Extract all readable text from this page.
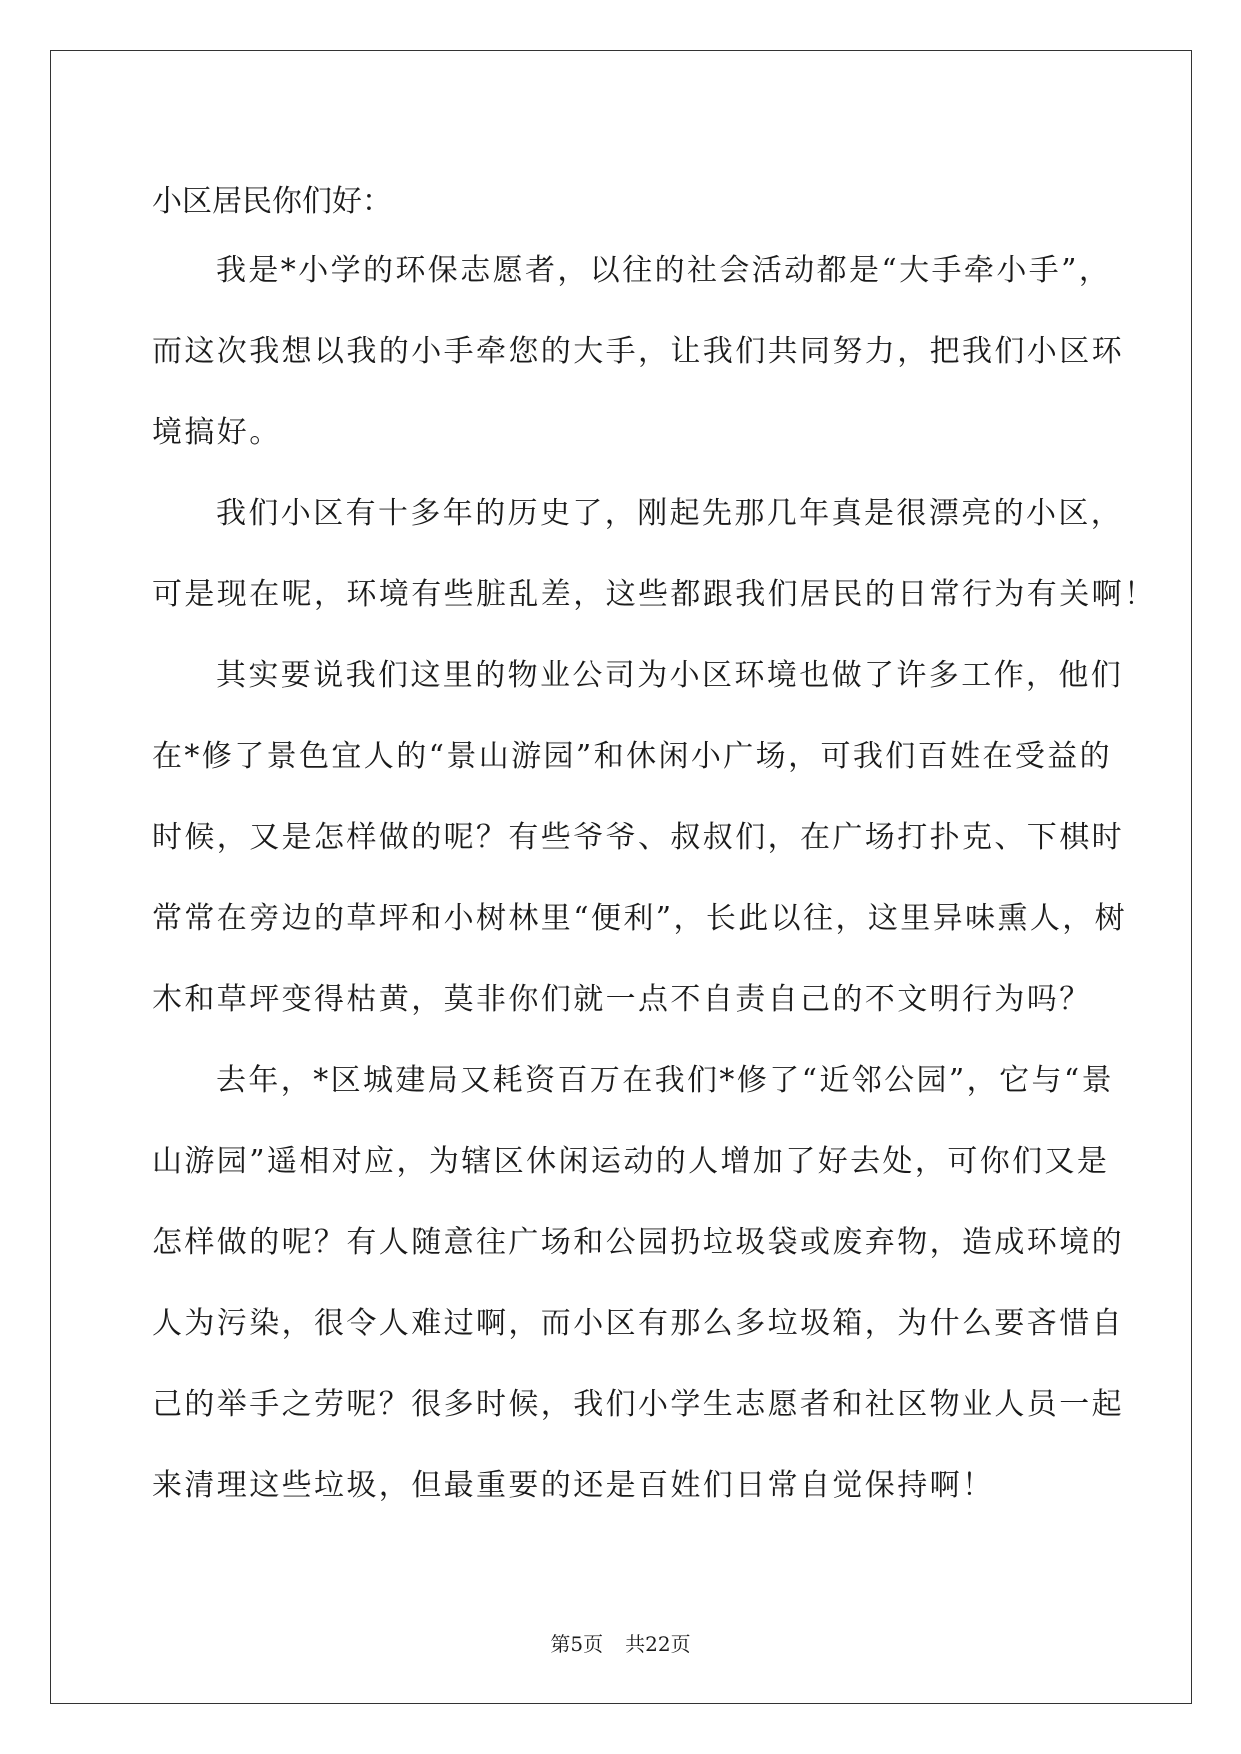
小区居民你们好：

我是*小学的环保志愿者，以往的社会活动都是“大手牵小手”，
而这次我想以我的小手牵您的大手，让我们共同努力，把我们小区环
境搞好。
我们小区有十多年的历史了，刚起先那几年真是很漂亮的小区，
可是现在呢，环境有些脏乱差，这些都跟我们居民的日常行为有关啊！
其实要说我们这里的物业公司为小区环境也做了许多工作，他们
在*修了景色宜人的“景山游园”和休闲小广场，可我们百姓在受益的
时候，又是怎样做的呢？有些爷爷、叔叔们，在广场打扑克、下棋时
常常在旁边的草坪和小树林里“便利”，长此以往，这里异味熏人，树
木和草坪变得枯黄，莫非你们就一点不自责自己的不文明行为吗？
去年，*区城建局又耗资百万在我们*修了“近邻公园”，它与“景
山游园”遥相对应，为辖区休闲运动的人增加了好去处，可你们又是
怎样做的呢？有人随意往广场和公园扔垃圾袋或废弃物，造成环境的
人为污染，很令人难过啊，而小区有那么多垃圾箱，为什么要吝惜自
己的举手之劳呢？很多时候，我们小学生志愿者和社区物业人员一起
来清理这些垃圾，但最重要的还是百姓们日常自觉保持啊！
第5页 共22页
